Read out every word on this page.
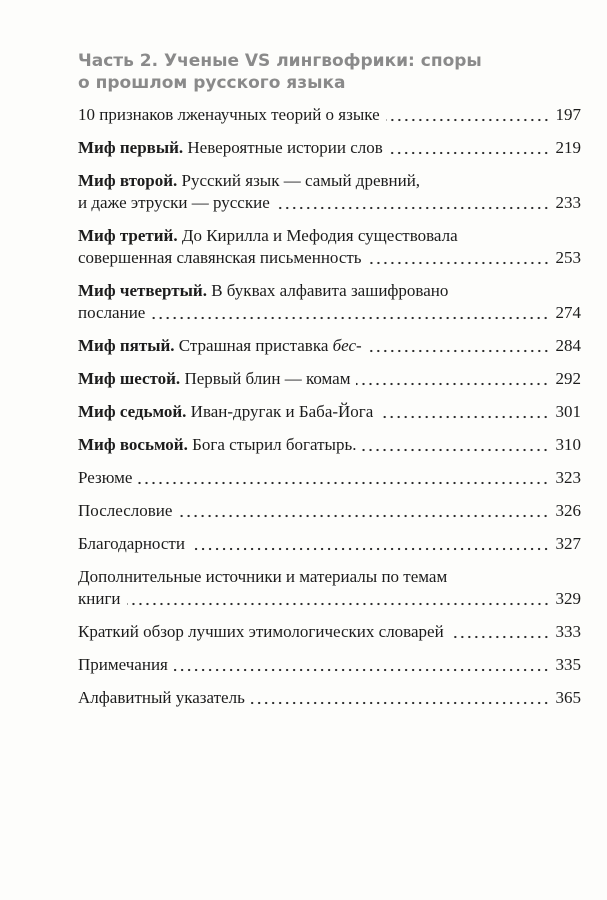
Часть 2. Ученые VS лингвофрики: споры
о прошлом русского языка
10 признаков лженаучных теорий о языке	197
Миф первый. Невероятные истории слов	219
Миф второй. Русский язык — самый древний,
и даже этруски — русские	233
Миф третий. До Кирилла и Мефодия существовала
совершенная славянская письменность	253
Миф четвертый. В буквах алфавита зашифровано
послание	274
Миф пятый. Страшная приставка бес-	284
Миф шестой. Первый блин — комам	292
Миф седьмой. Иван-другак и Баба-Йога	301
Миф восьмой. Бога стырил богатырь.	310
Резюме	323
Послесловие	326
Благодарности	327
Дополнительные источники и материалы по темам
книги	329
Краткий обзор лучших этимологических словарей	333
Примечания	335
Алфавитный указатель	365
